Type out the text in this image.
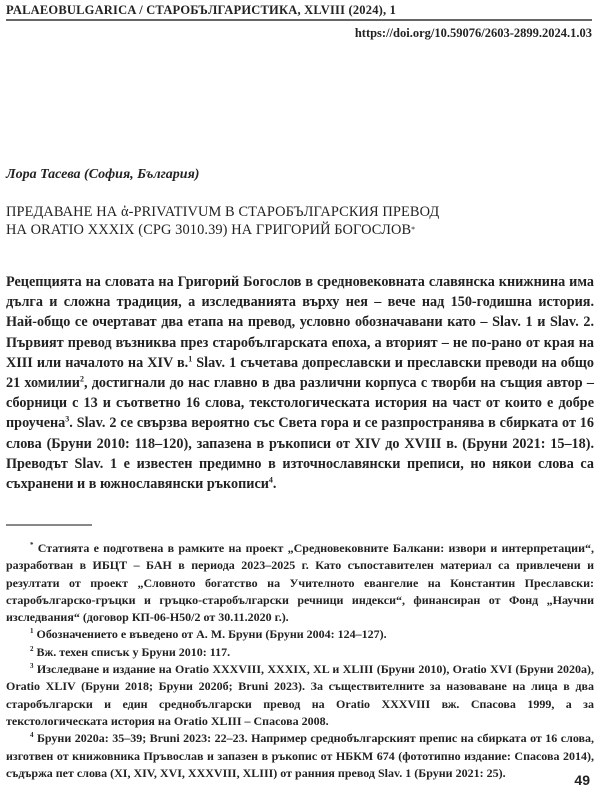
PALAEOBULGARICA / СТАРОБЪЛГАРИСТИКА, XLVIII (2024), 1
https://doi.org/10.59076/2603-2899.2024.1.03
Лора Тасева (София, България)
ПРЕДАВАНЕ НА ἀ-PRIVATIVUM В СТАРОБЪЛГАРСКИЯ ПРЕВОД
НА ORATIO XXXIX (CPG 3010.39) НА ГРИГОРИЙ БОГОСЛОВ*
Рецепцията на словата на Григорий Богослов в средновековната славянска книжнина има дълга и сложна традиция, а изследванията върху нея – вече над 150-годишна история. Най-общо се очертават два етапа на превод, условно обозначавани като – Slav. 1 и Slav. 2. Първият превод възниква през старобългарската епоха, а вторият – не по-рано от края на XIII или началото на XIV в.$^1$ Slav. 1 съчетава допреславски и преславски преводи на общо 21 хомилии$^2$, достигнали до нас главно в два различни корпуса с творби на същия автор – сборници с 13 и съответно 16 слова, текстологическата история на част от които е добре проучена$^3$. Slav. 2 се свързва вероятно със Света гора и се разпространява в сбирката от 16 слова (Бруни 2010: 118–120), запазена в ръкописи от XIV до XVIII в. (Бруни 2021: 15–18). Преводът Slav. 1 е известен предимно в източнославянски преписи, но някои слова са съхранени и в южнославянски ръкописи$^4$.

* Статията е подготвена в рамките на проект „Средновековните Балкани: извори и интерпретации“, разработван в ИБЦТ – БАН в периода 2023–2025 г. Като съпоставителен материал са привлечени и резултати от проект „Словното богатство на Учителното евангелие на Константин Преславски: старобългарско-гръцки и гръцко-старобългарски речници индекси“, финансиран от Фонд „Научни изследвания“ (договор КП-06-Н50/2 от 30.11.2020 г.).

$^1$ Обозначението е въведено от А. М. Бруни (Бруни 2004: 124–127).

$^2$ Вж. техен списък у Бруни 2010: 117.

$^3$ Изследване и издание на Oratio XXXVIII, XXXIX, XL и XLIII (Бруни 2010), Oratio XVI (Бруни 2020а), Oratio XLIV (Бруни 2018; Бруни 2020б; Bruni 2023). За съществителните за назоваване на лица в два старобългарски и един среднобългарски превод на Oratio XXXVIII вж. Спасова 1999, а за текстологическата история на Oratio XLIII – Спасова 2008.

$^4$ Бруни 2020а: 35–39; Bruni 2023: 22–23. Например среднобългарският препис на сбирката от 16 слова, изготвен от книжовника Пръвослав и запазен в ръкопис от НБКМ 674 (фототипно издание: Спасова 2014), съдържа пет слова (XI, XIV, XVI, XXXVIII, XLIII) от ранния превод Slav. 1 (Бруни 2021: 25).	49
